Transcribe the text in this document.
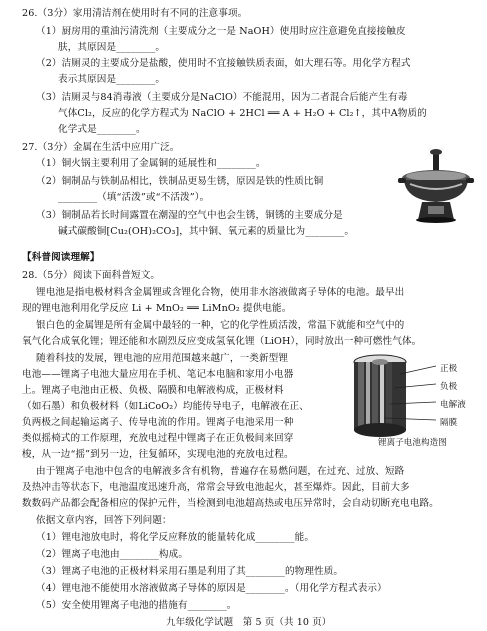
26.（3分）家用清洁剂在使用时有不同的注意事项。
（1）厨房用的重油污清洗剂（主要成分之一是 NaOH）使用时应注意避免直接接触皮
肤，其原因是________。
（2）洁厕灵的主要成分是盐酸，使用时不宜接触铁质表面，如大理石等。用化学方程式
表示其原因是________。
（3）洁厕灵与84消毒液（主要成分是NaClO）不能混用，因为二者混合后能产生有毒
气体Cl₂，反应的化学方程式为 NaClO + 2HCl ══ A + H₂O + Cl₂↑，其中A物质的
化学式是________。
27.（3分）金属在生活中应用广泛。
（1）铜火锅主要利用了金属铜的延展性和________。
（2）铜制品与铁制品相比，铁制品更易生锈，原因是铁的性质比铜
________（填“活泼”或“不活泼”）。
（3）铜制品若长时间露置在潮湿的空气中也会生锈，铜锈的主要成分是
碱式碳酸铜[Cu₂(OH)₂CO₃]，其中铜、氧元素的质量比为________。
【科普阅读理解】
28.（5分）阅读下面科普短文。
锂电池是指电极材料含金属锂或含锂化合物，使用非水溶液做离子导体的电池。最早出
现的锂电池利用化学反应 Li + MnO₂ ══ LiMnO₂ 提供电能。
银白色的金属锂是所有金属中最轻的一种，它的化学性质活泼，常温下就能和空气中的
氧气化合成氧化锂；锂还能和水剧烈反应变成氢氧化锂（LiOH），同时放出一种可燃性气体。
随着科技的发展，锂电池的应用范围越来越广，一类新型锂
电池——锂离子电池大量应用在手机、笔记本电脑和家用小电器
上。锂离子电池由正极、负极、隔膜和电解液构成，正极材料
（如石墨）和负极材料（如LiCoO₂）均能传导电子，电解液在正、
负两极之间起输运离子、传导电流的作用。锂离子电池采用一种
类似摇椅式的工作原理，充放电过程中锂离子在正负极间来回穿
梭，从一边“摇”到另一边，往复循环，实现电池的充放电过程。
正极
负极
电解液
隔膜
锂离子电池构造图
由于锂离子电池中包含的电解液多含有机物，普遍存在易燃问题，在过充、过放、短路
及热冲击等状态下，电池温度迅速升高，常常会导致电池起火，甚至爆炸。因此，目前大多
数数码产品都会配备相应的保护元件，当检测到电池超高热或电压异常时，会自动切断充电电路。
依据文章内容，回答下列问题：
（1）锂电池放电时，将化学反应释放的能量转化成________能。
（2）锂离子电池由________构成。
（3）锂离子电池的正极材料采用石墨是利用了其________的物理性质。
（4）锂电池不能使用水溶液做离子导体的原因是________。（用化学方程式表示）
（5）安全使用锂离子电池的措施有________。
九年级化学试题　第 5 页（共 10 页）
